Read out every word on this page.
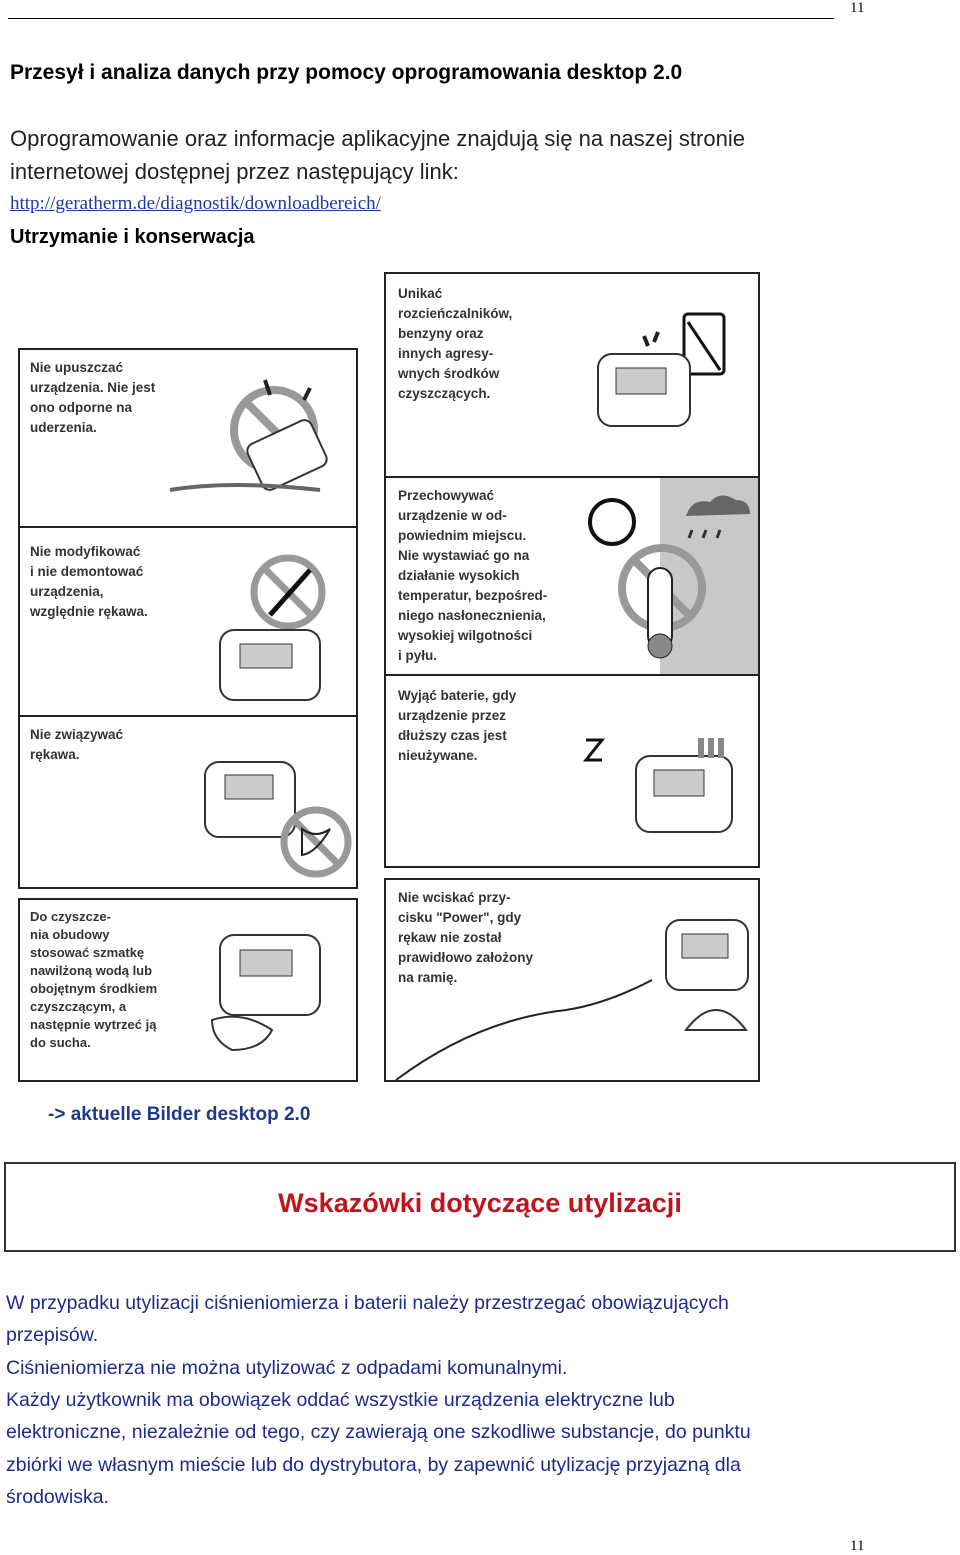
11
Przesył i analiza danych przy pomocy oprogramowania desktop 2.0
Oprogramowanie oraz informacje aplikacyjne znajdują się na naszej stronie
internetowej dostępnej przez następujący link:
http://geratherm.de/diagnostik/downloadbereich/
Utrzymanie i konserwacja
Nie upuszczać
urządzenia. Nie jest
ono odporne na
uderzenia.
Nie modyfikować
i nie demontować
urządzenia,
względnie rękawa.
Nie związywać
rękawa.
Do czyszcze-
nia obudowy
stosować szmatkę
nawilżoną wodą lub
obojętnym środkiem
czyszczącym, a
następnie wytrzeć ją
do sucha.
Unikać
rozcieńczalników,
benzyny oraz
innych agresy-
wnych środków
czyszczących.
Przechowywać
urządzenie w od-
powiednim miejscu.
Nie wystawiać go na
działanie wysokich
temperatur, bezpośred-
niego nasłonecznienia,
wysokiej wilgotności
i pyłu.
Wyjąć baterie, gdy
urządzenie przez
dłuższy czas jest
nieużywane.
Nie wciskać przy-
cisku "Power", gdy
rękaw nie został
prawidłowo założony
na ramię.
-> aktuelle Bilder desktop 2.0
Wskazówki dotyczące utylizacji
W przypadku utylizacji ciśnieniomierza i baterii należy przestrzegać obowiązujących
przepisów.
Ciśnieniomierza nie można utylizować z odpadami komunalnymi.
Każdy użytkownik ma obowiązek oddać wszystkie urządzenia elektryczne lub
elektroniczne, niezależnie od tego, czy zawierają one szkodliwe substancje, do punktu
zbiórki we własnym mieście lub do dystrybutora, by zapewnić utylizację przyjazną dla
środowiska.
11
